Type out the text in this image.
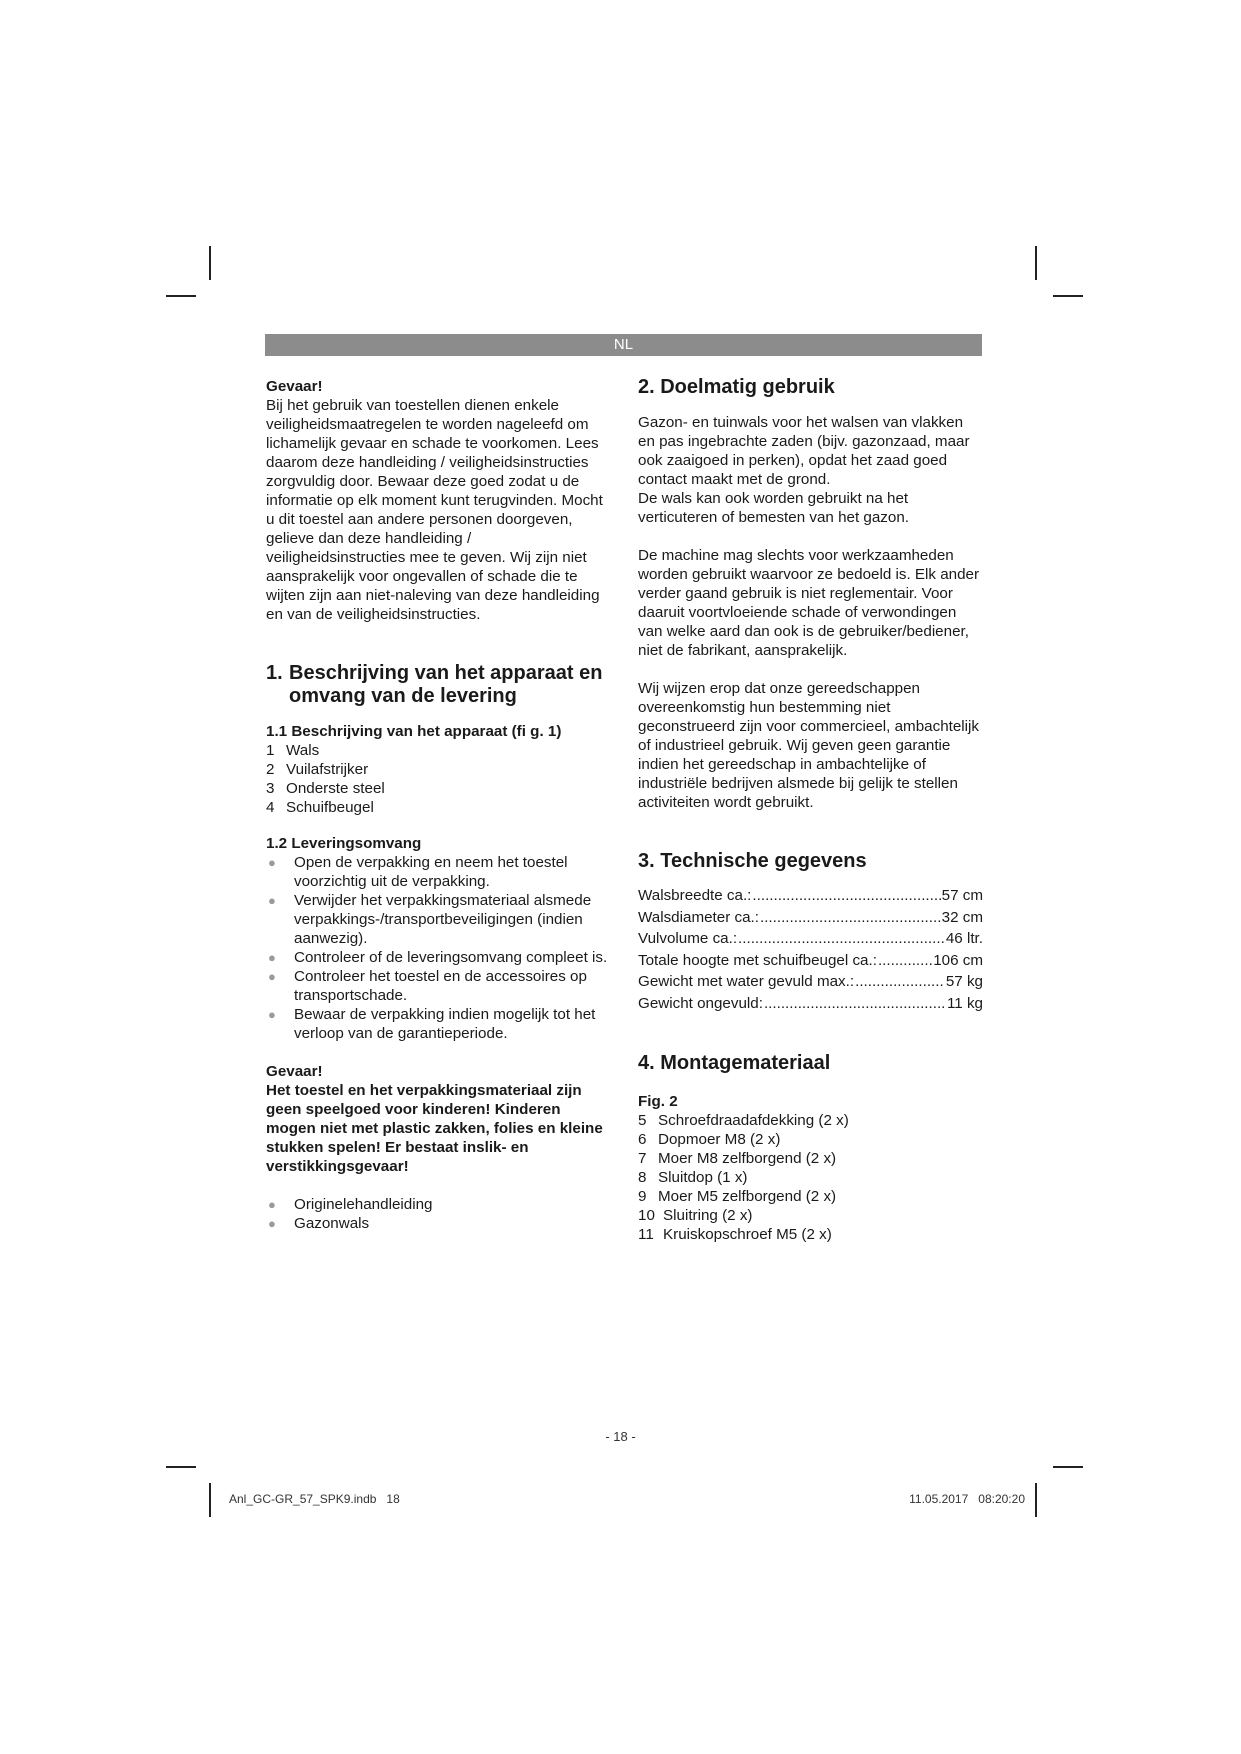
NL

Gevaar!

Bij het gebruik van toestellen dienen enkele veiligheidsmaatregelen te worden nageleefd om lichamelijk gevaar en schade te voorkomen. Lees daarom deze handleiding / veiligheidsinstructies zorgvuldig door. Bewaar deze goed zodat u de informatie op elk moment kunt terugvinden. Mocht u dit toestel aan andere personen doorgeven, gelieve dan deze handleiding / veiligheidsinstructies mee te geven. Wij zijn niet aansprakelijk voor ongevallen of schade die te wijten zijn aan niet-naleving van deze handleiding en van de veiligheidsinstructies.

1. Beschrijving van het apparaat en omvang van de levering
1.1 Beschrijving van het apparaat (fi g. 1)
1 Wals
2 Vuilafstrijker
3 Onderste steel
4 Schuifbeugel
1.2 Leveringsomvang
● Open de verpakking en neem het toestel voorzichtig uit de verpakking.
● Verwijder het verpakkingsmateriaal alsmede verpakkings-/transportbeveiligingen (indien aanwezig).
● Controleer of de leveringsomvang compleet is.
● Controleer het toestel en de accessoires op transportschade.
● Bewaar de verpakking indien mogelijk tot het verloop van de garantieperiode.

Gevaar!

Het toestel en het verpakkingsmateriaal zijn geen speelgoed voor kinderen! Kinderen mogen niet met plastic zakken, folies en kleine stukken spelen! Er bestaat inslik- en verstikkingsgevaar!

● Originelehandleiding
● Gazonwals
2. Doelmatig gebruik

Gazon- en tuinwals voor het walsen van vlakken en pas ingebrachte zaden (bijv. gazonzaad, maar ook zaaigoed in perken), opdat het zaad goed contact maakt met de grond.

De wals kan ook worden gebruikt na het verticuteren of bemesten van het gazon.

De machine mag slechts voor werkzaamheden worden gebruikt waarvoor ze bedoeld is. Elk ander verder gaand gebruik is niet reglementair. Voor daaruit voortvloeiende schade of verwondingen van welke aard dan ook is de gebruiker/bediener, niet de fabrikant, aansprakelijk.

Wij wijzen erop dat onze gereedschappen overeenkomstig hun bestemming niet geconstrueerd zijn voor commercieel, ambachtelijk of industrieel gebruik. Wij geven geen garantie indien het gereedschap in ambachtelijke of industriële bedrijven alsmede bij gelijk te stellen activiteiten wordt gebruikt.

3. Technische gegevens
Walsbreedte ca.: .....	57 cm
Walsdiameter ca.: .....	32 cm
Vulvolume ca.: .....	46 ltr.
Totale hoogte met schuifbeugel ca.: .....	106 cm
Gewicht met water gevuld max.: .....	57 kg
Gewicht ongevuld: .....	11 kg
4. Montagemateriaal
Fig. 2
5 Schroefdraadafdekking (2 x)
6 Dopmoer M8 (2 x)
7 Moer M8 zelfborgend (2 x)
8 Sluitdop (1 x)
9 Moer M5 zelfborgend (2 x)
10 Sluitring (2 x)
11 Kruiskopschroef M5 (2 x)
- 18 -
Anl_GC-GR_57_SPK9.indb   18	11.05.2017   08:20:20
